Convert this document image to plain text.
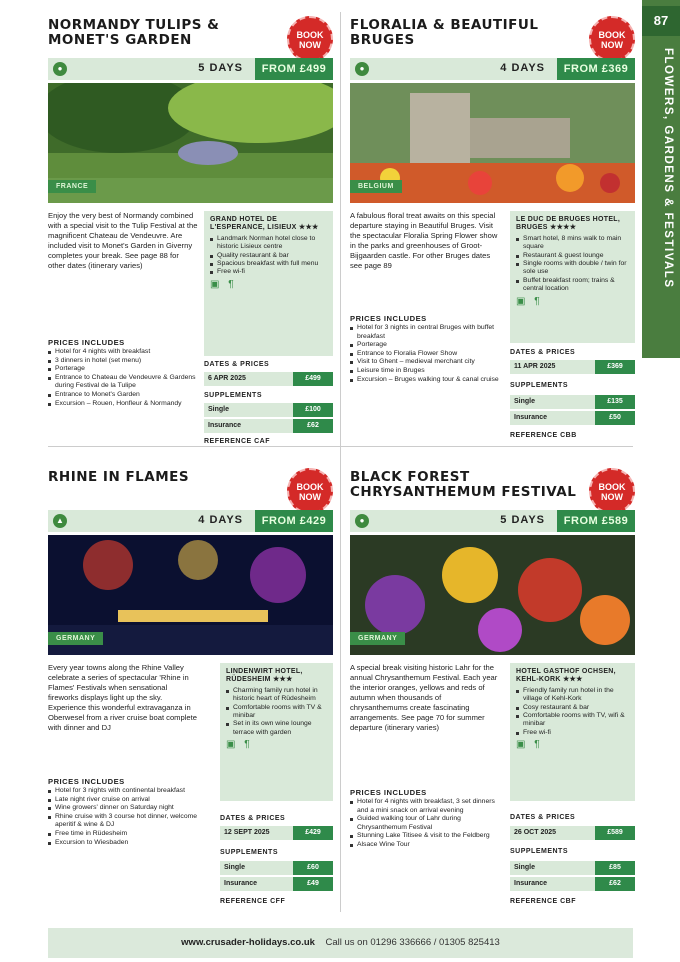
87
FLOWERS, GARDENS & FESTIVALS
NORMANDY TULIPS & MONET'S GARDEN	BOOK NOW
●	5 DAYS	FROM £499
FRANCE
Enjoy the very best of Normandy combined with a special visit to the Tulip Festival at the magnificent Chateau de Vendeuvre. Are included visit to Monet's Garden in Giverny completes your break. See page 88 for other dates (itinerary varies)
PRICES INCLUDES
Hotel for 4 nights with breakfast
3 dinners in hotel (set menu)
Porterage
Entrance to Chateau de Vendeuvre & Gardens during Festival de la Tulipe
Entrance to Monet's Garden
Excursion – Rouen, Honfleur & Normandy
GRAND HOTEL DE L'ESPERANCE, LISIEUX ★★★
Landmark Norman hotel close to historic Lisieux centre
Quality restaurant & bar
Spacious breakfast with full menu
Free wi-fi
▣ ¶
DATES & PRICES
6 APR 2025	£499
SUPPLEMENTS
Single	£100
Insurance	£62
REFERENCE CAF
FLORALIA & BEAUTIFUL BRUGES	BOOK NOW
●	4 DAYS	FROM £369
BELGIUM
A fabulous floral treat awaits on this special departure staying in Beautiful Bruges. Visit the spectacular Floralia Spring Flower show in the parks and greenhouses of Groot-Bijgaarden castle. For other Bruges dates see page 89
PRICES INCLUDES
Hotel for 3 nights in central Bruges with buffet breakfast
Porterage
Entrance to Floralia Flower Show
Visit to Ghent – medieval merchant city
Leisure time in Bruges
Excursion – Bruges walking tour & canal cruise
LE DUC DE BRUGES HOTEL, BRUGES ★★★★
Smart hotel, 8 mins walk to main square
Restaurant & guest lounge
Single rooms with double / twin for sole use
Buffet breakfast room; trains & central location
▣ ¶
DATES & PRICES
11 APR 2025	£369
SUPPLEMENTS
Single	£135
Insurance	£50
REFERENCE CBB
RHINE IN FLAMES
BOOK NOW
▲	4 DAYS	FROM £429
GERMANY
Every year towns along the Rhine Valley celebrate a series of spectacular 'Rhine in Flames' Festivals when sensational fireworks displays light up the sky. Experience this wonderful extravaganza in Oberwesel from a river cruise boat complete with dinner and DJ
PRICES INCLUDES
Hotel for 3 nights with continental breakfast
Late night river cruise on arrival
Wine growers' dinner on Saturday night
Rhine cruise with 3 course hot dinner, welcome aperitif & wine & DJ
Free time in Rüdesheim
Excursion to Wiesbaden
LINDENWIRT HOTEL, RÜDESHEIM ★★★
Charming family run hotel in historic heart of Rüdesheim
Comfortable rooms with TV & minibar
Set in its own wine lounge terrace with garden
▣ ¶
DATES & PRICES
12 SEPT 2025	£429
SUPPLEMENTS
Single	£60
Insurance	£49
REFERENCE CFF
BLACK FOREST CHRYSANTHEMUM FESTIVAL	BOOK NOW
●	5 DAYS	FROM £589
GERMANY
A special break visiting historic Lahr for the annual Chrysanthemum Festival. Each year the interior oranges, yellows and reds of autumn when thousands of chrysanthemums create fascinating arrangements. See page 70 for summer departure (itinerary varies)
PRICES INCLUDES
Hotel for 4 nights with breakfast, 3 set dinners and a mini snack on arrival evening
Guided walking tour of Lahr during Chrysanthemum Festival
Stunning Lake Titisee & visit to the Feldberg
Alsace Wine Tour
HOTEL GASTHOF OCHSEN, KEHL-KORK ★★★
Friendly family run hotel in the village of Kehl-Kork
Cosy restaurant & bar
Comfortable rooms with TV, wifi & minibar
Free wi-fi
▣ ¶
DATES & PRICES
26 OCT 2025	£589
SUPPLEMENTS
Single	£85
Insurance	£62
REFERENCE CBF
www.crusader-holidays.co.uk Call us on 01296 336666 / 01305 825413
